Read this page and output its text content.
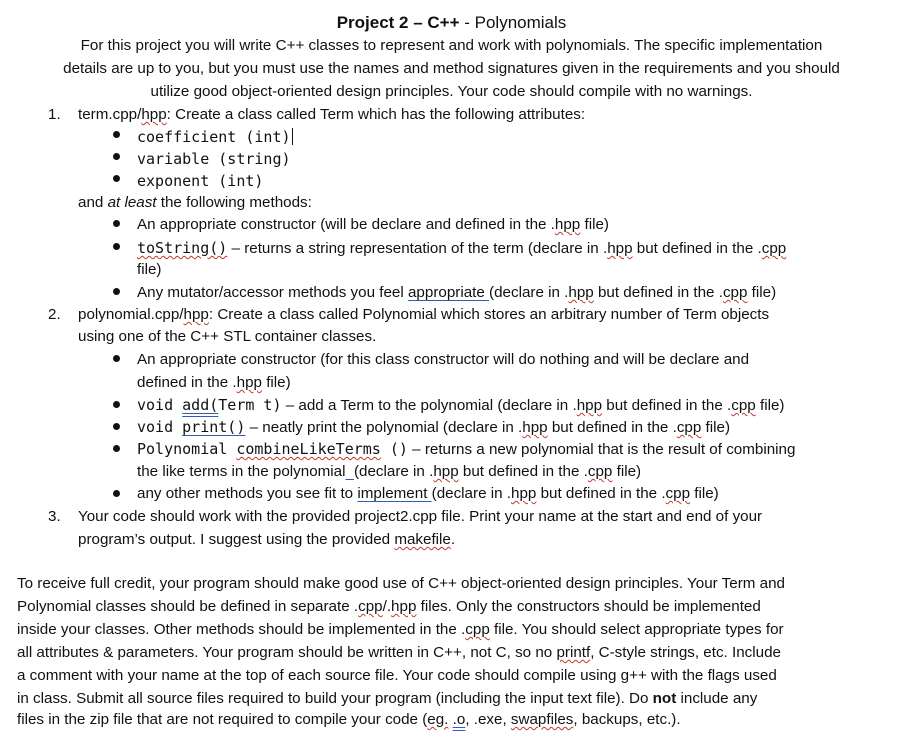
Project 2 – C++ - Polynomials
For this project you will write C++ classes to represent and work with polynomials. The specific implementation
details are up to you, but you must use the names and method signatures given in the requirements and you should
utilize good object-oriented design principles. Your code should compile with no warnings.
1. term.cpp/hpp: Create a class called Term which has the following attributes:
coefficient (int)
variable (string)
exponent (int)
and at least the following methods:
An appropriate constructor (will be declare and defined in the .hpp file)
toString() – returns a string representation of the term (declare in .hpp but defined in the .cpp
file)
Any mutator/accessor methods you feel appropriate (declare in .hpp but defined in the .cpp file)
2. polynomial.cpp/hpp: Create a class called Polynomial which stores an arbitrary number of Term objects
using one of the C++ STL container classes.
An appropriate constructor (for this class constructor will do nothing and will be declare and
defined in the .hpp file)
void add(Term t) – add a Term to the polynomial (declare in .hpp but defined in the .cpp file)
void print() – neatly print the polynomial (declare in .hpp but defined in the .cpp file)
Polynomial combineLikeTerms () – returns a new polynomial that is the result of combining
the like terms in the polynomial (declare in .hpp but defined in the .cpp file)
any other methods you see fit to implement (declare in .hpp but defined in the .cpp file)
3. Your code should work with the provided project2.cpp file. Print your name at the start and end of your
program’s output. I suggest using the provided makefile.
To receive full credit, your program should make good use of C++ object-oriented design principles. Your Term and
Polynomial classes should be defined in separate .cpp/.hpp files. Only the constructors should be implemented
inside your classes. Other methods should be implemented in the .cpp file. You should select appropriate types for
all attributes & parameters. Your program should be written in C++, not C, so no printf, C-style strings, etc. Include
a comment with your name at the top of each source file. Your code should compile using g++ with the flags used
in class. Submit all source files required to build your program (including the input text file). Do not include any
files in the zip file that are not required to compile your code (eg. .o, .exe, swapfiles, backups, etc.).
